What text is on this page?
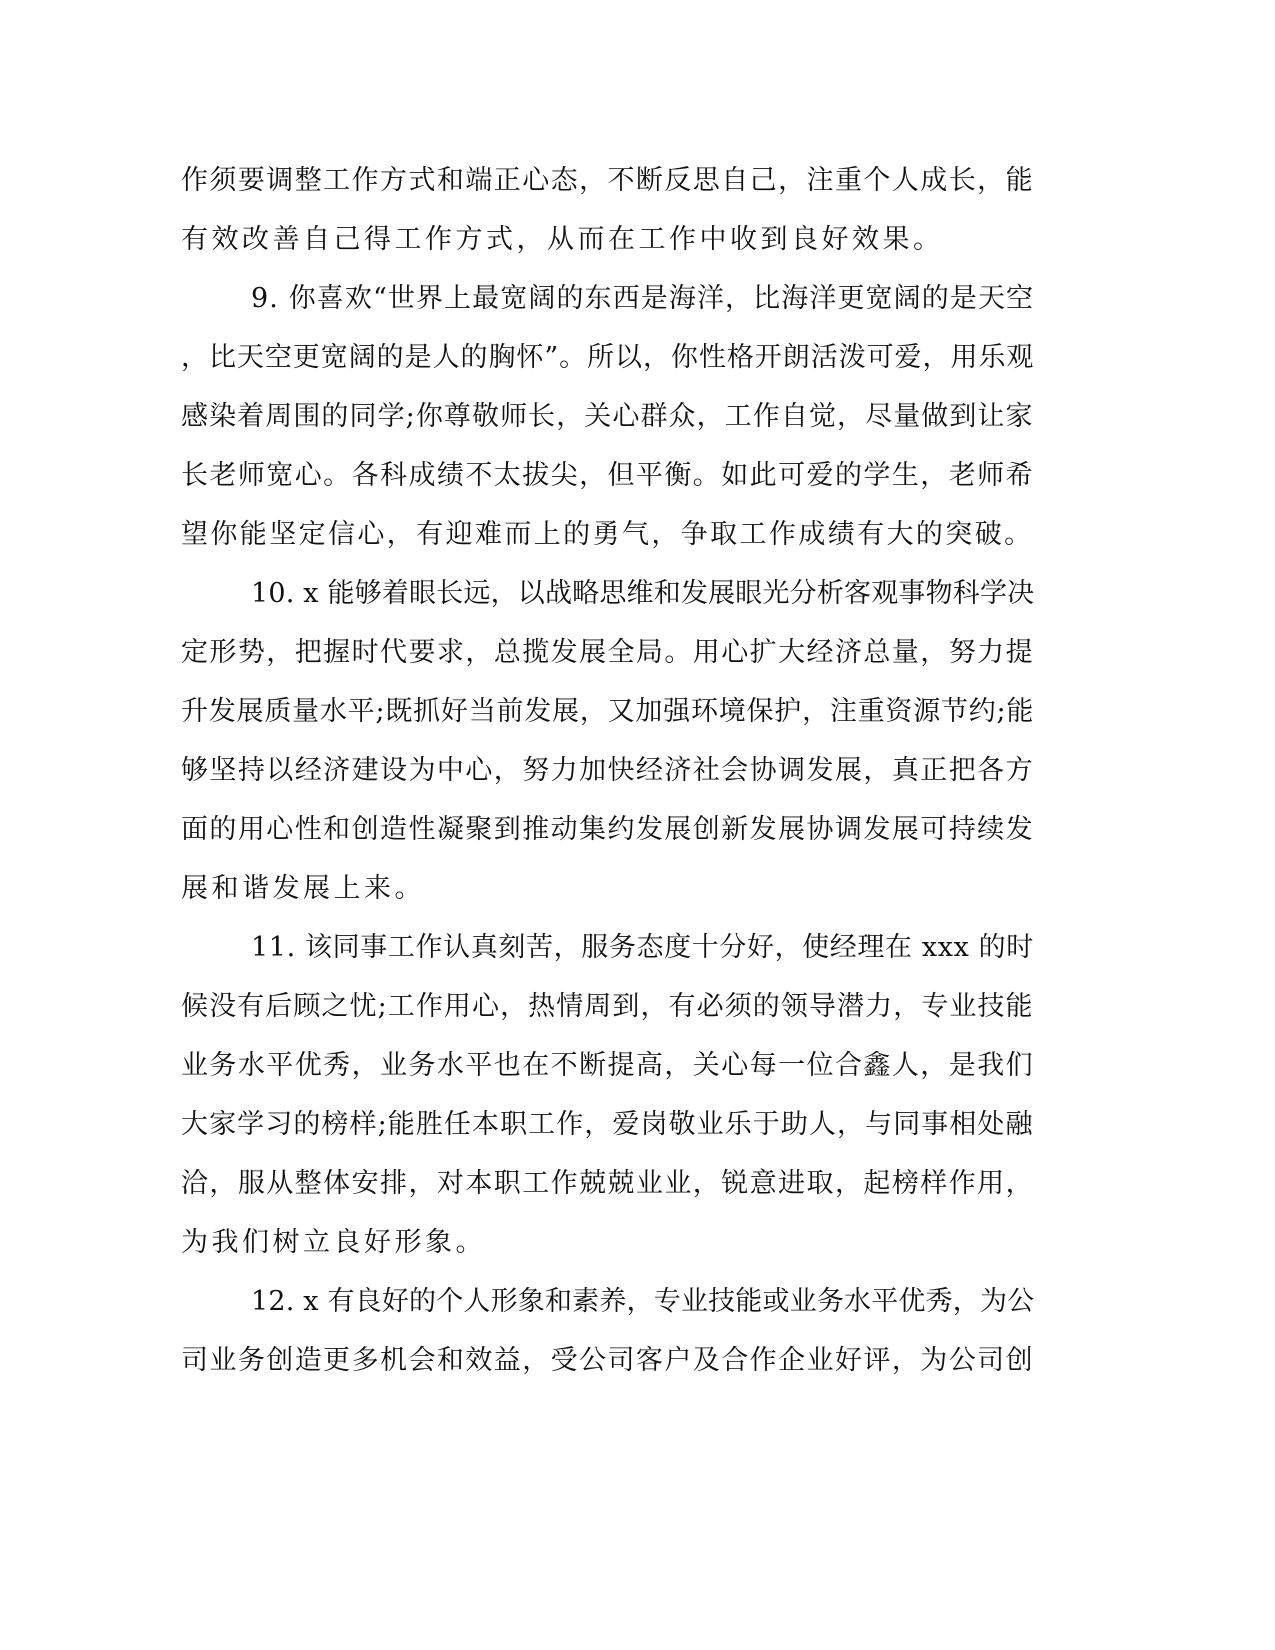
作须要调整工作方式和端正心态，不断反思自己，注重个人成长，能
有效改善自己得工作方式，从而在工作中收到良好效果。
9. 你喜欢“世界上最宽阔的东西是海洋，比海洋更宽阔的是天空
，比天空更宽阔的是人的胸怀”。所以，你性格开朗活泼可爱，用乐观
感染着周围的同学;你尊敬师长，关心群众，工作自觉，尽量做到让家
长老师宽心。各科成绩不太拔尖，但平衡。如此可爱的学生，老师希
望你能坚定信心，有迎难而上的勇气，争取工作成绩有大的突破。
10. x 能够着眼长远，以战略思维和发展眼光分析客观事物科学决
定形势，把握时代要求，总揽发展全局。用心扩大经济总量，努力提
升发展质量水平;既抓好当前发展，又加强环境保护，注重资源节约;能
够坚持以经济建设为中心，努力加快经济社会协调发展，真正把各方
面的用心性和创造性凝聚到推动集约发展创新发展协调发展可持续发
展和谐发展上来。
11. 该同事工作认真刻苦，服务态度十分好，使经理在 xxx 的时
候没有后顾之忧;工作用心，热情周到，有必须的领导潜力，专业技能
业务水平优秀，业务水平也在不断提高，关心每一位合鑫人，是我们
大家学习的榜样;能胜任本职工作，爱岗敬业乐于助人，与同事相处融
洽，服从整体安排，对本职工作兢兢业业，锐意进取，起榜样作用，
为我们树立良好形象。
12. x 有良好的个人形象和素养，专业技能或业务水平优秀，为公
司业务创造更多机会和效益，受公司客户及合作企业好评，为公司创
